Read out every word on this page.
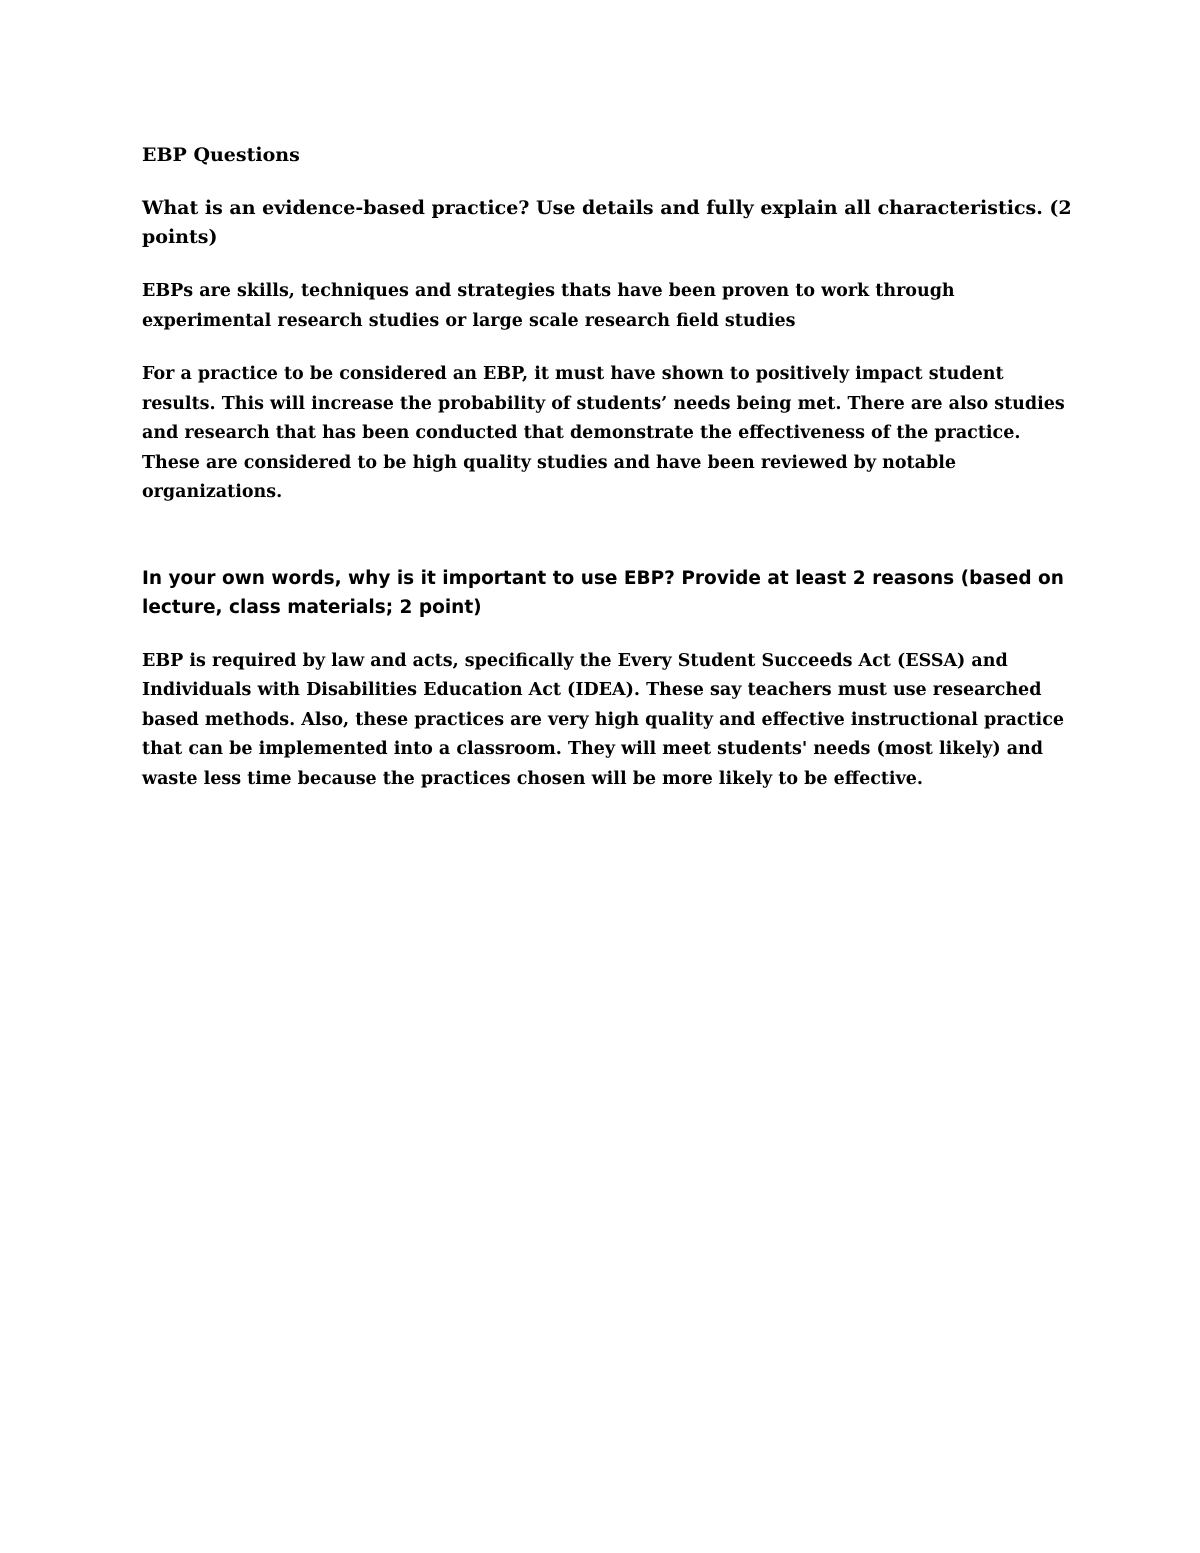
EBP Questions
What is an evidence-based practice? Use details and fully explain all characteristics. (2 points)
EBPs are skills, techniques and strategies thats have been proven to work through experimental research studies or large scale research field studies
For a practice to be considered an EBP, it must have shown to positively impact student results. This will increase the probability of students’ needs being met. There are also studies and research that has been conducted that demonstrate the effectiveness of the practice. These are considered to be high quality studies and have been reviewed by notable organizations.
In your own words, why is it important to use EBP? Provide at least 2 reasons (based on lecture, class materials; 2 point)
EBP is required by law and acts, specifically the Every Student Succeeds Act (ESSA) and Individuals with Disabilities Education Act (IDEA). These say teachers must use researched based methods. Also, these practices are very high quality and effective instructional practice that can be implemented into a classroom. They will meet students' needs (most likely) and waste less time because the practices chosen will be more likely to be effective.
